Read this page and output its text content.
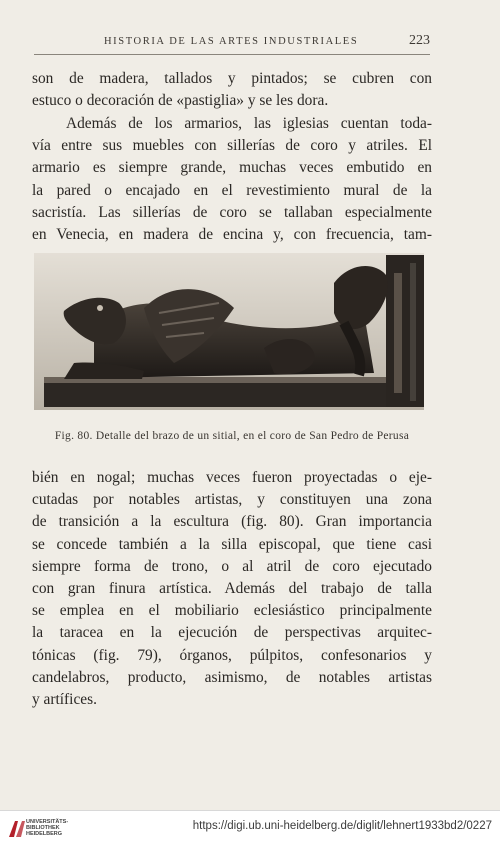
HISTORIA DE LAS ARTES INDUSTRIALES	223

son de madera, tallados y pintados; se cubren con
estuco o decoración de «pastiglia» y se les dora.

Además de los armarios, las iglesias cuentan toda-
vía entre sus muebles con sillerías de coro y atriles. El
armario es siempre grande, muchas veces embutido en
la pared o encajado en el revestimiento mural de la
sacristía. Las sillerías de coro se tallaban especialmente
en Venecia, en madera de encina y, con frecuencia, tam-

Fig. 80. Detalle del brazo de un sitial, en el coro de San Pedro de Perusa

bién en nogal; muchas veces fueron proyectadas o eje-
cutadas por notables artistas, y constituyen una zona
de transición a la escultura (fig. 80). Gran importancia
se concede también a la silla episcopal, que tiene casi
siempre forma de trono, o al atril de coro ejecutado
con gran finura artística. Además del trabajo de talla
se emplea en el mobiliario eclesiástico principalmente
la taracea en la ejecución de perspectivas arquitec-
tónicas (fig. 79), órganos, púlpitos, confesonarios y
candelabros, producto, asimismo, de notables artistas
y artífices.

UNIVERSITÄTS-
BIBLIOTHEK
HEIDELBERG
https://digi.ub.uni-heidelberg.de/diglit/lehnert1933bd2/0227
